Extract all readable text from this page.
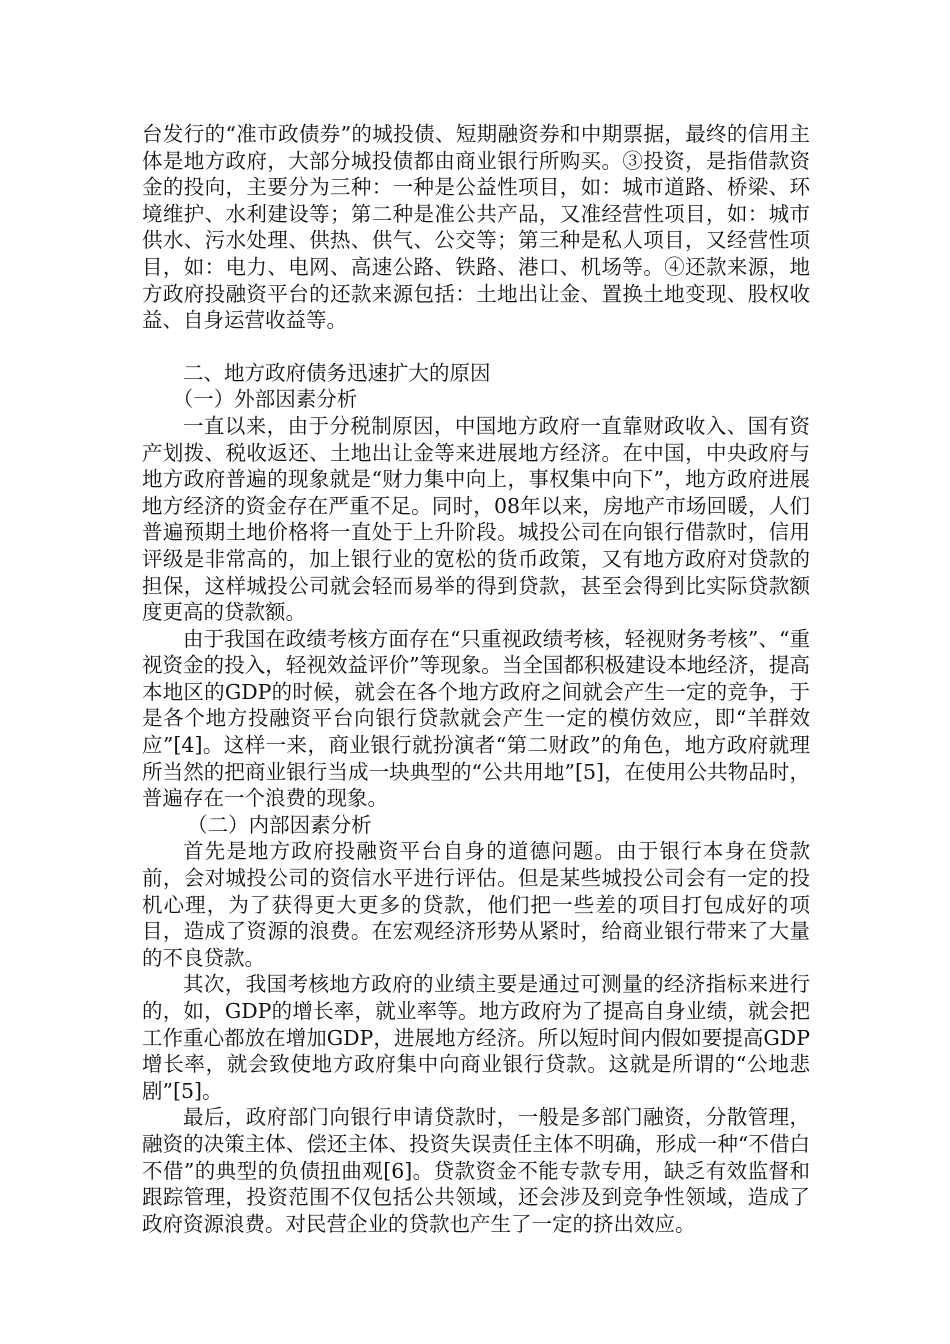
台发行的“准市政债券”的城投债、短期融资券和中期票据，最终的信用主体是地方政府，大部分城投债都由商业银行所购买。③投资，是指借款资金的投向，主要分为三种：一种是公益性项目，如：城市道路、桥梁、环境维护、水利建设等；第二种是准公共产品，又准经营性项目，如：城市供水、污水处理、供热、供气、公交等；第三种是私人项目，又经营性项目，如：电力、电网、高速公路、铁路、港口、机场等。④还款来源，地方政府投融资平台的还款来源包括：土地出让金、置换土地变现、股权收益、自身运营收益等。

二、地方政府债务迅速扩大的原因

（一）外部因素分析

一直以来，由于分税制原因，中国地方政府一直靠财政收入、国有资产划拨、税收返还、土地出让金等来进展地方经济。在中国，中央政府与地方政府普遍的现象就是“财力集中向上，事权集中向下”，地方政府进展地方经济的资金存在严重不足。同时，08年以来，房地产市场回暖，人们普遍预期土地价格将一直处于上升阶段。城投公司在向银行借款时，信用评级是非常高的，加上银行业的宽松的货币政策，又有地方政府对贷款的担保，这样城投公司就会轻而易举的得到贷款，甚至会得到比实际贷款额度更高的贷款额。

由于我国在政绩考核方面存在“只重视政绩考核，轻视财务考核”、“重视资金的投入，轻视效益评价”等现象。当全国都积极建设本地经济，提高本地区的GDP的时候，就会在各个地方政府之间就会产生一定的竞争，于是各个地方投融资平台向银行贷款就会产生一定的模仿效应，即“羊群效应”[4]。这样一来，商业银行就扮演者“第二财政”的角色，地方政府就理所当然的把商业银行当成一块典型的“公共用地”[5]，在使用公共物品时，普遍存在一个浪费的现象。

（二）内部因素分析

首先是地方政府投融资平台自身的道德问题。由于银行本身在贷款前，会对城投公司的资信水平进行评估。但是某些城投公司会有一定的投机心理，为了获得更大更多的贷款，他们把一些差的项目打包成好的项目，造成了资源的浪费。在宏观经济形势从紧时，给商业银行带来了大量的不良贷款。

其次，我国考核地方政府的业绩主要是通过可测量的经济指标来进行的，如，GDP的增长率，就业率等。地方政府为了提高自身业绩，就会把工作重心都放在增加GDP，进展地方经济。所以短时间内假如要提高GDP增长率，就会致使地方政府集中向商业银行贷款。这就是所谓的“公地悲剧”[5]。

最后，政府部门向银行申请贷款时，一般是多部门融资，分散管理，融资的决策主体、偿还主体、投资失误责任主体不明确，形成一种“不借白不借”的典型的负债扭曲观[6]。贷款资金不能专款专用，缺乏有效监督和跟踪管理，投资范围不仅包括公共领域，还会涉及到竞争性领域，造成了政府资源浪费。对民营企业的贷款也产生了一定的挤出效应。
